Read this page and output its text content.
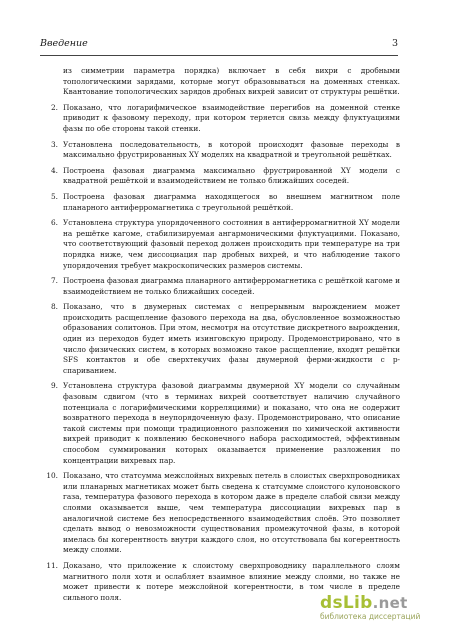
Введение	3

из симметрии параметра порядка) включает в себя вихри с дробными топологическими зарядами, которые могут образовываться на доменных стенках. Квантование топологических зарядов дробных вихрей зависит от структуры решётки.

2. Показано, что логарифмическое взаимодействие перегибов на доменной стенке приводит к фазовому переходу, при котором теряется связь между флуктуациями фазы по обе стороны такой стенки.
3. Установлена последовательность, в которой происходят фазовые переходы в максимально фрустрированных XY моделях на квадратной и треугольной решётках.
4. Построена фазовая диаграмма максимально фрустрированной XY модели с квадратной решёткой и взаимодействием не только ближайших соседей.
5. Построена фазовая диаграмма находящегося во внешнем магнитном поле планарного антиферромагнетика с треугольной решёткой.
6. Установлена структура упорядоченного состояния в антиферромагнитной XY модели на решётке кагоме, стабилизируемая ангармоническими флуктуациями. Показано, что соответствующий фазовый переход должен происходить при температуре на три порядка ниже, чем диссоциация пар дробных вихрей, и что наблюдение такого упорядочения требует макроскопических размеров системы.
7. Построена фазовая диаграмма планарного антиферромагнетика с решёткой кагоме и взаимодействием не только ближайших соседей.
8. Показано, что в двумерных системах с непрерывным вырождением может происходить расщепление фазового перехода на два, обусловленное возможностью образования солитонов. При этом, несмотря на отсутствие дискретного вырождения, один из переходов будет иметь изинговскую природу. Продемонстрировано, что в число физических систем, в которых возможно такое расщепление, входят решётки SFS контактов и обе сверхтекучих фазы двумерной ферми-жидкости с p-спариванием.
9. Установлена структура фазовой диаграммы двумерной XY модели со случайным фазовым сдвигом (что в терминах вихрей соответствует наличию случайного потенциала с логарифмическими корреляциями) и показано, что она не содержит возвратного перехода в неупорядоченную фазу. Продемонстрировано, что описание такой системы при помощи традиционного разложения по химической активности вихрей приводит к появлению бесконечного набора расходимостей, эффективным способом суммирования которых оказывается применение разложения по концентрации вихревых пар.
10. Показано, что статсумма межслойных вихревых петель в слоистых сверхпроводниках или планарных магнетиках может быть сведена к статсумме слоистого кулоновского газа, температура фазового перехода в котором даже в пределе слабой связи между слоями оказывается выше, чем температура диссоциации вихревых пар в аналогичной системе без непосредственного взаимодействия слоёв. Это позволяет сделать вывод о невозможности существования промежуточной фазы, в которой имелась бы когерентность внутри каждого слоя, но отсутствовала бы когерентность между слоями.
11. Доказано, что приложение к слоистому сверхпроводнику параллельного слоям магнитного поля хотя и ослабляет взаимное влияние между слоями, но также не может привести к потере межслойной когерентности, в том числе в пределе сильного поля.	dsLib.net
библиотека диссертаций
